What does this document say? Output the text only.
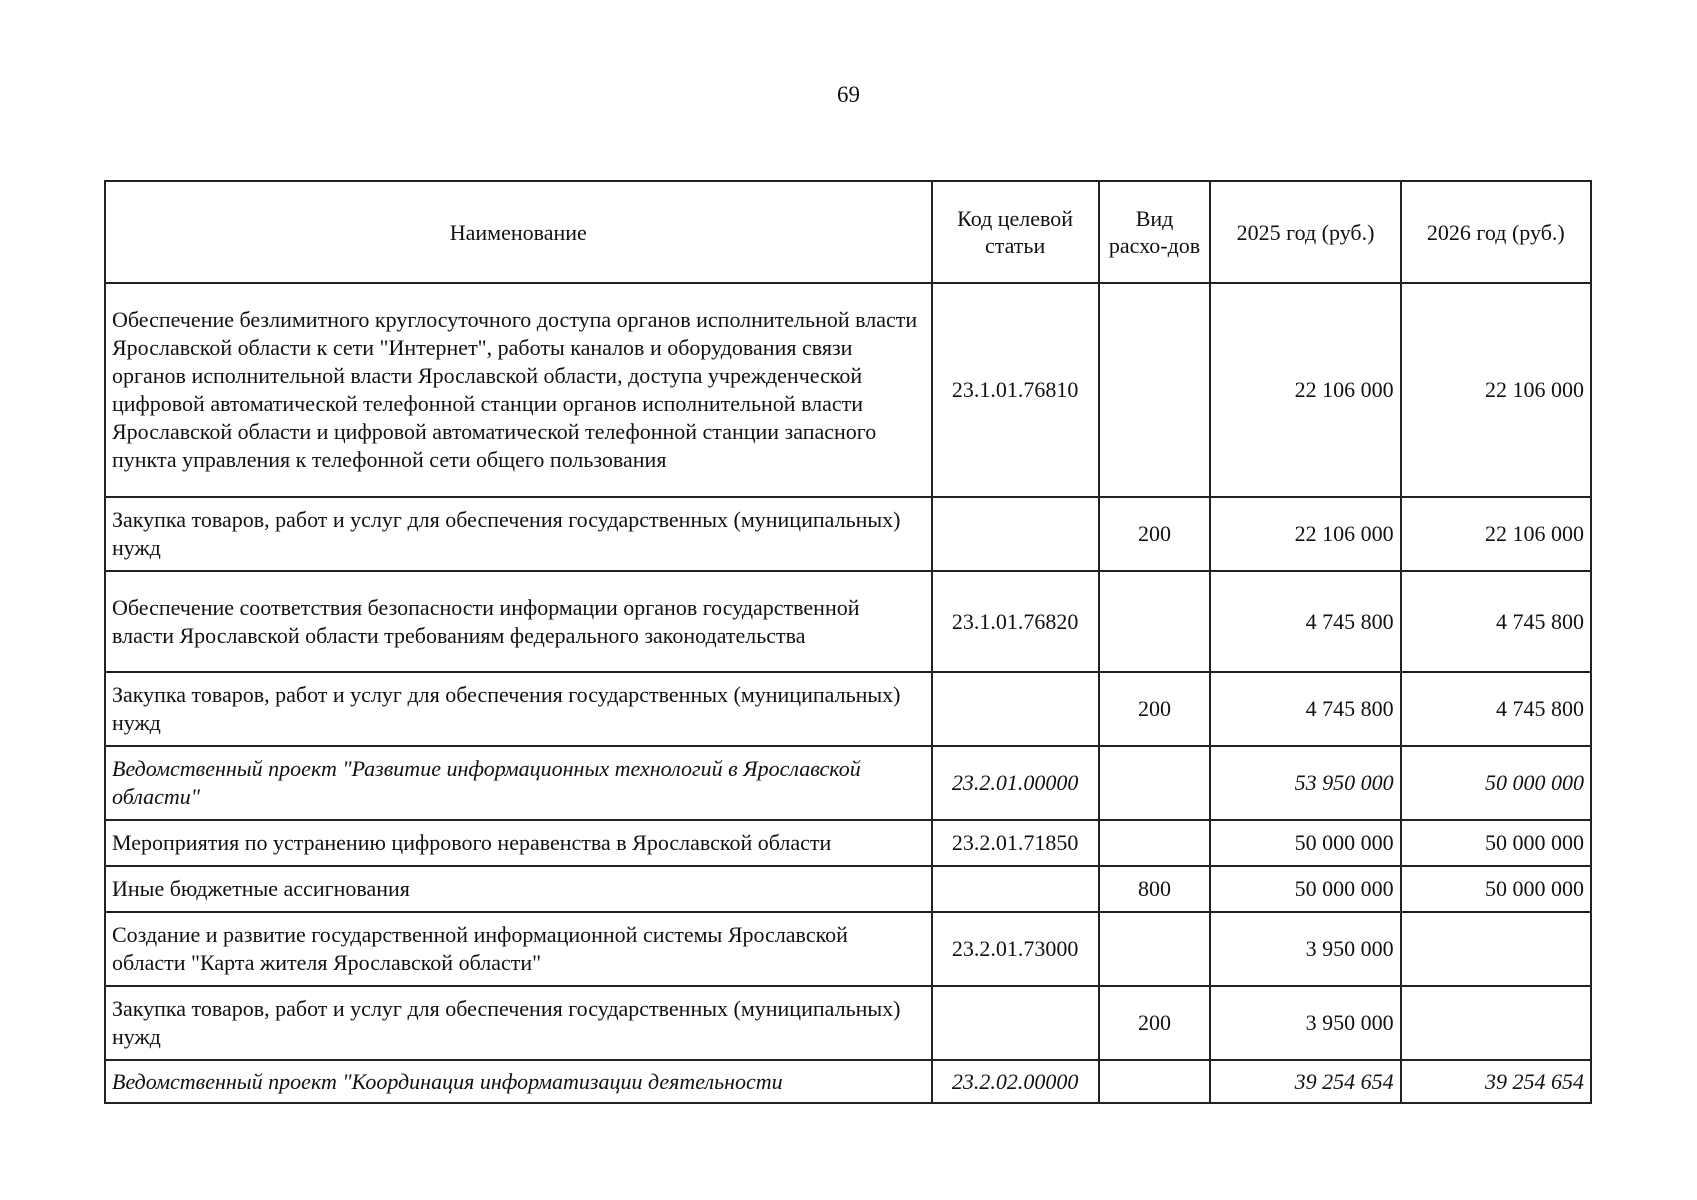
69
Наименование	Код целевой статьи	Вид расхо-дов	2025 год (руб.)	2026 год (руб.)
Обеспечение безлимитного круглосуточного доступа органов исполнительной власти Ярославской области к сети "Интернет", работы каналов и оборудования связи органов исполнительной власти Ярославской области, доступа учрежденческой цифровой автоматической телефонной станции органов исполнительной власти Ярославской области и цифровой автоматической телефонной станции запасного пункта управления к телефонной сети общего пользования	23.1.01.76810		22 106 000	22 106 000
Закупка товаров, работ и услуг для обеспечения государственных (муниципальных) нужд		200	22 106 000	22 106 000
Обеспечение соответствия безопасности информации органов государственной власти Ярославской области требованиям федерального законодательства	23.1.01.76820		4 745 800	4 745 800
Закупка товаров, работ и услуг для обеспечения государственных (муниципальных) нужд		200	4 745 800	4 745 800
Ведомственный проект "Развитие информационных технологий в Ярославской области"	23.2.01.00000		53 950 000	50 000 000
Мероприятия по устранению цифрового неравенства в Ярославской области	23.2.01.71850		50 000 000	50 000 000
Иные бюджетные ассигнования		800	50 000 000	50 000 000
Создание и развитие государственной информационной системы Ярославской области "Карта жителя Ярославской области"	23.2.01.73000		3 950 000	
Закупка товаров, работ и услуг для обеспечения государственных (муниципальных) нужд		200	3 950 000	
Ведомственный проект "Координация информатизации деятельности	23.2.02.00000		39 254 654	39 254 654
